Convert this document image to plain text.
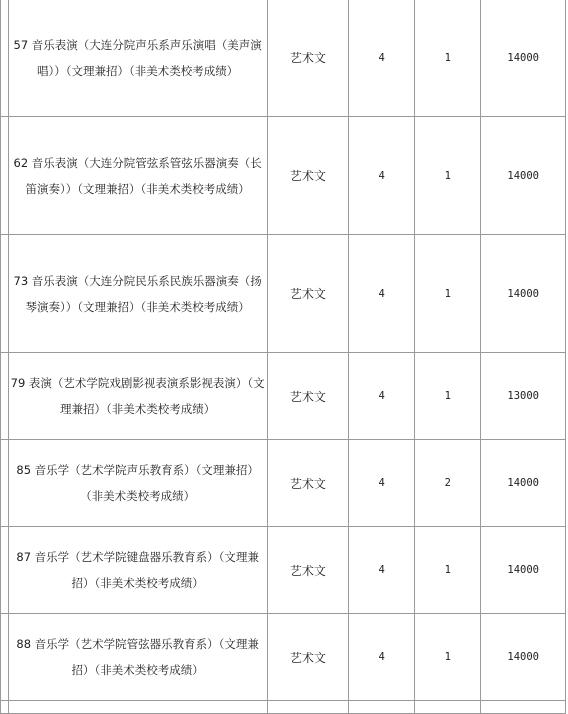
	57 音乐表演（大连分院声乐系声乐演唱（美声演唱））（文理兼招）（非美术类校考成绩）	艺术文	4	1	14000
	62 音乐表演（大连分院管弦系管弦乐器演奏（长笛演奏））（文理兼招）（非美术类校考成绩）	艺术文	4	1	14000
	73 音乐表演（大连分院民乐系民族乐器演奏（扬琴演奏））（文理兼招）（非美术类校考成绩）	艺术文	4	1	14000
	79 表演（艺术学院戏剧影视表演系影视表演）（文理兼招）（非美术类校考成绩）	艺术文	4	1	13000
	85 音乐学（艺术学院声乐教育系）（文理兼招）（非美术类校考成绩）	艺术文	4	2	14000
	87 音乐学（艺术学院键盘器乐教育系）（文理兼招）（非美术类校考成绩）	艺术文	4	1	14000
	88 音乐学（艺术学院管弦器乐教育系）（文理兼招）（非美术类校考成绩）	艺术文	4	1	14000
